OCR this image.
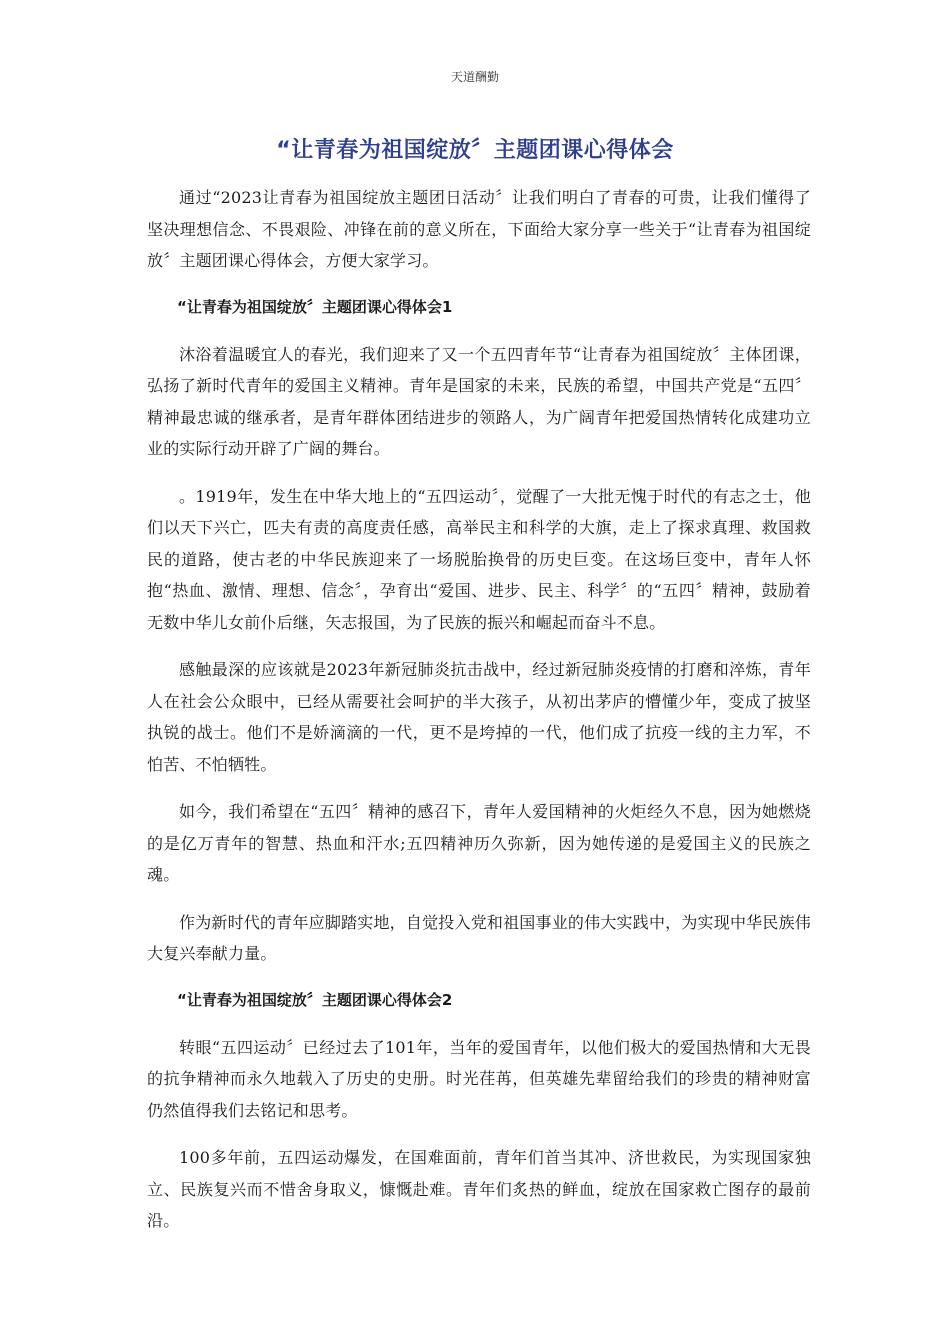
天道酬勤
“让青春为祖国绽放〞主题团课心得体会

通过“2023让青春为祖国绽放主题团日活动〞让我们明白了青春的可贵，让我们懂得了坚决理想信念、不畏艰险、冲锋在前的意义所在，下面给大家分享一些关于“让青春为祖国绽放〞主题团课心得体会，方便大家学习。

“让青春为祖国绽放〞主题团课心得体会1

沐浴着温暖宜人的春光，我们迎来了又一个五四青年节“让青春为祖国绽放〞主体团课，弘扬了新时代青年的爱国主义精神。青年是国家的未来，民族的希望，中国共产党是“五四〞精神最忠诚的继承者，是青年群体团结进步的领路人，为广阔青年把爱国热情转化成建功立业的实际行动开辟了广阔的舞台。

。1919年，发生在中华大地上的“五四运动〞，觉醒了一大批无愧于时代的有志之士，他们以天下兴亡，匹夫有责的高度责任感，高举民主和科学的大旗，走上了探求真理、救国救民的道路，使古老的中华民族迎来了一场脱胎换骨的历史巨变。在这场巨变中，青年人怀抱“热血、激情、理想、信念〞，孕育出“爱国、进步、民主、科学〞的“五四〞精神，鼓励着无数中华儿女前仆后继，矢志报国，为了民族的振兴和崛起而奋斗不息。

感触最深的应该就是2023年新冠肺炎抗击战中，经过新冠肺炎疫情的打磨和淬炼，青年人在社会公众眼中，已经从需要社会呵护的半大孩子，从初出茅庐的懵懂少年，变成了披坚执锐的战士。他们不是娇滴滴的一代，更不是垮掉的一代，他们成了抗疫一线的主力军，不怕苦、不怕牺牲。

如今，我们希望在“五四〞精神的感召下，青年人爱国精神的火炬经久不息，因为她燃烧的是亿万青年的智慧、热血和汗水;五四精神历久弥新，因为她传递的是爱国主义的民族之魂。

作为新时代的青年应脚踏实地，自觉投入党和祖国事业的伟大实践中，为实现中华民族伟大复兴奉献力量。

“让青春为祖国绽放〞主题团课心得体会2

转眼“五四运动〞已经过去了101年，当年的爱国青年，以他们极大的爱国热情和大无畏的抗争精神而永久地载入了历史的史册。时光荏苒，但英雄先辈留给我们的珍贵的精神财富仍然值得我们去铭记和思考。

100多年前，五四运动爆发，在国难面前，青年们首当其冲、济世救民，为实现国家独立、民族复兴而不惜舍身取义，慷慨赴难。青年们炙热的鲜血，绽放在国家救亡图存的最前沿。
